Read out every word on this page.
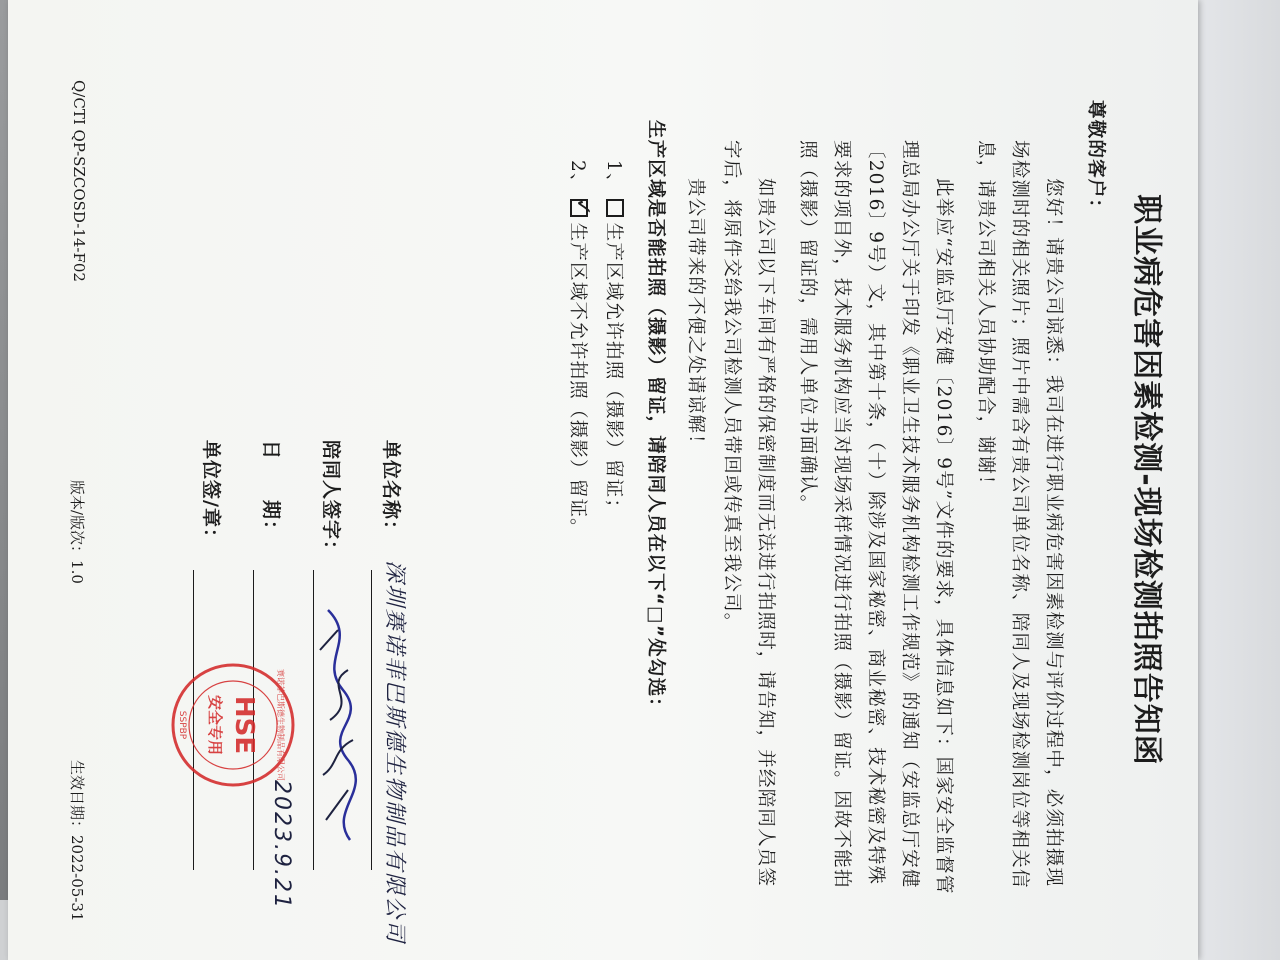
职业病危害因素检测-现场检测拍照告知函
尊敬的客户：
您好！请贵公司谅悉：我司在进行职业病危害因素检测与评价过程中，必须拍摄现场检测时的相关照片；照片中需含有贵公司单位名称、陪同人及现场检测岗位等相关信息，请贵公司相关人员协助配合，谢谢！
此举应“安监总厅安健〔2016〕9号”文件的要求，具体信息如下：国家安全监督管理总局办公厅关于印发《职业卫生技术服务机构检测工作规范》的通知（安监总厅安健〔2016〕9号）文，其中第十条，（十）除涉及国家秘密、商业秘密、技术秘密及特殊要求的项目外，技术服务机构应当对现场采样情况进行拍照（摄影）留证。因故不能拍照（摄影）留证的，需用人单位书面确认。
如贵公司以下车间有严格的保密制度而无法进行拍照时，请告知，并经陪同人员签字后，将原件交给我公司检测人员带回或传真至我公司。
贵公司带来的不便之处请谅解！
生产区域是否能拍照（摄影）留证，请陪同人员在以下“□”处勾选：
1、生产区域允许拍照（摄影）留证；
2、
✓
生产区域不允许拍照（摄影）留证。
单位名称：
深圳赛诺菲巴斯德生物制品有限公司
陪同人签字：
日　　期：
2023.9.21
单位签/章：
HSE
安全专用
SSPBP	赛诺菲巴斯德生物制品有限公司
Q/CTI QP-SZCOSD-14-F02
版本/版次：1.0
生效日期：2022-05-31
